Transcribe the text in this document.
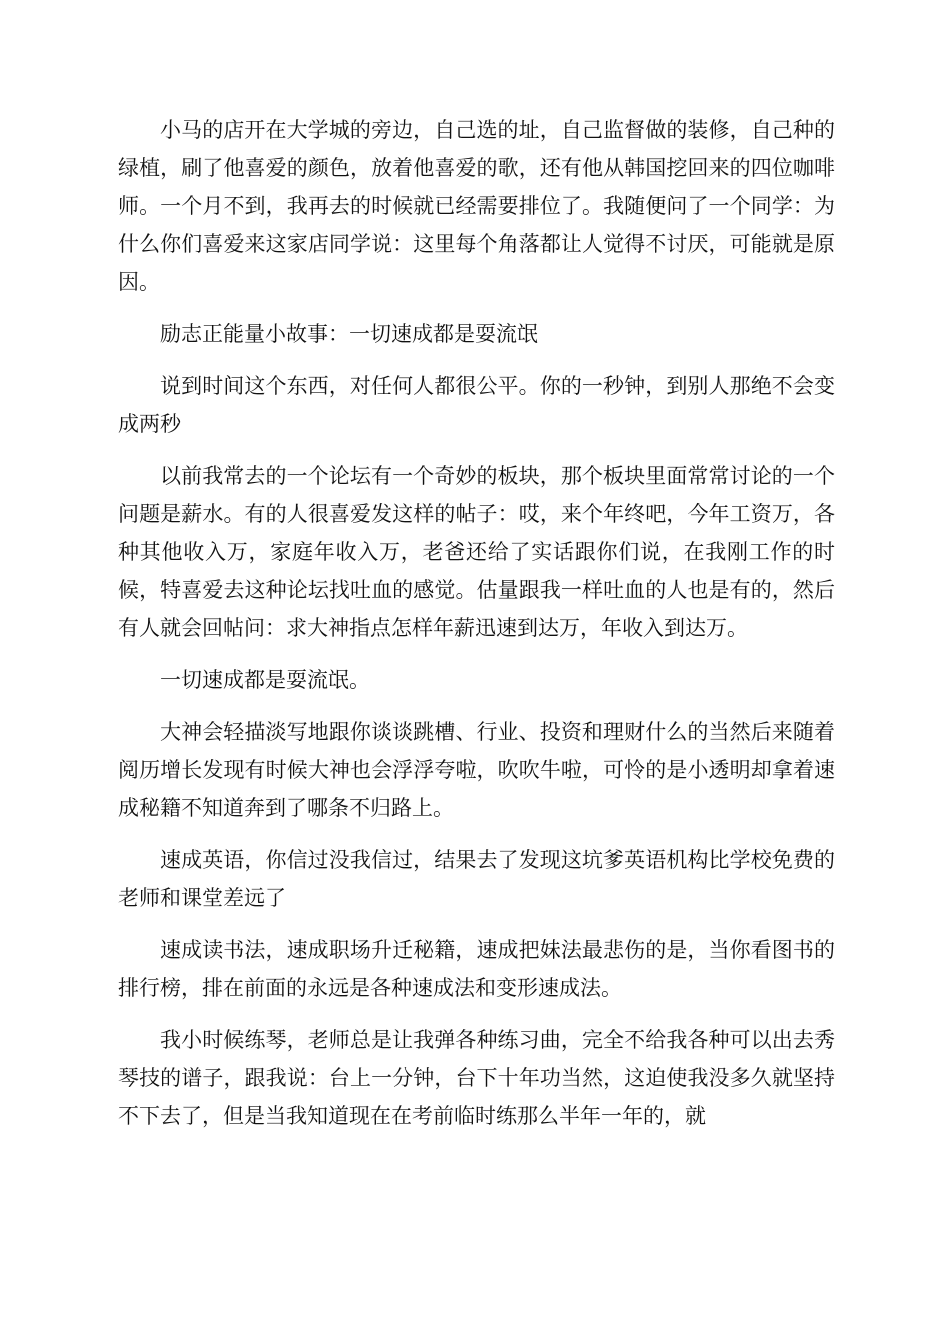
小马的店开在大学城的旁边，自己选的址，自己监督做的装修，自己种的绿植，刷了他喜爱的颜色，放着他喜爱的歌，还有他从韩国挖回来的四位咖啡师。一个月不到，我再去的时候就已经需要排位了。我随便问了一个同学：为什么你们喜爱来这家店同学说：这里每个角落都让人觉得不讨厌，可能就是原因。

励志正能量小故事：一切速成都是耍流氓

说到时间这个东西，对任何人都很公平。你的一秒钟，到别人那绝不会变成两秒

以前我常去的一个论坛有一个奇妙的板块，那个板块里面常常讨论的一个问题是薪水。有的人很喜爱发这样的帖子：哎，来个年终吧，今年工资万，各种其他收入万，家庭年收入万，老爸还给了实话跟你们说，在我刚工作的时候，特喜爱去这种论坛找吐血的感觉。估量跟我一样吐血的人也是有的，然后有人就会回帖问：求大神指点怎样年薪迅速到达万，年收入到达万。

一切速成都是耍流氓。

大神会轻描淡写地跟你谈谈跳槽、行业、投资和理财什么的当然后来随着阅历增长发现有时候大神也会浮浮夸啦，吹吹牛啦，可怜的是小透明却拿着速成秘籍不知道奔到了哪条不归路上。

速成英语，你信过没我信过，结果去了发现这坑爹英语机构比学校免费的老师和课堂差远了

速成读书法，速成职场升迁秘籍，速成把妹法最悲伤的是，当你看图书的排行榜，排在前面的永远是各种速成法和变形速成法。

我小时候练琴，老师总是让我弹各种练习曲，完全不给我各种可以出去秀琴技的谱子，跟我说：台上一分钟，台下十年功当然，这迫使我没多久就坚持不下去了，但是当我知道现在在考前临时练那么半年一年的，就
